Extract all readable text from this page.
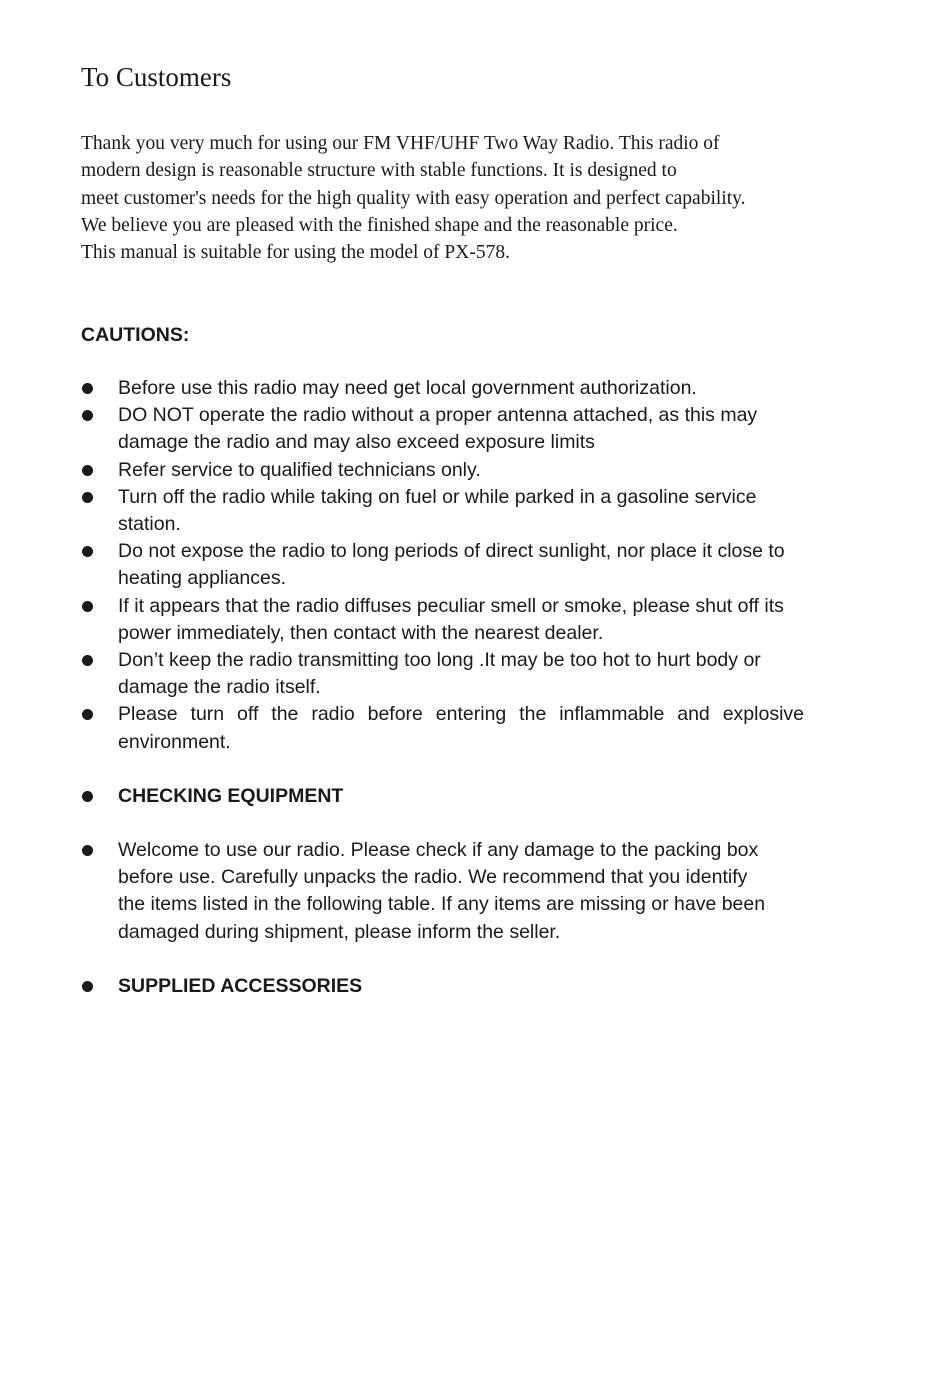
To Customers

Thank you very much for using our FM VHF/UHF Two Way Radio. This radio of
modern design is reasonable structure with stable functions. It is designed to
meet customer's needs for the high quality with easy operation and perfect capability.
We believe you are pleased with the finished shape and the reasonable price.
This manual is suitable for using the model of PX-578.

CAUTIONS:
Before use this radio may need get local government authorization.
DO NOT operate the radio without a proper antenna attached, as this may damage the radio and may also exceed exposure limits
Refer service to qualified technicians only.
Turn off the radio while taking on fuel or while parked in a gasoline service station.
Do not expose the radio to long periods of direct sunlight, nor place it close to heating appliances.
If it appears that the radio diffuses peculiar smell or smoke, please shut off its power immediately, then contact with the nearest dealer.
Don’t keep the radio transmitting too long .It may be too hot to hurt body or damage the radio itself.
Please turn off the radio before entering the inflammable and explosive environment.
CHECKING EQUIPMENT
Welcome to use our radio. Please check if any damage to the packing box
before use. Carefully unpacks the radio. We recommend that you identify
the items listed in the following table. If any items are missing or have been
damaged during shipment, please inform the seller.
SUPPLIED ACCESSORIES
